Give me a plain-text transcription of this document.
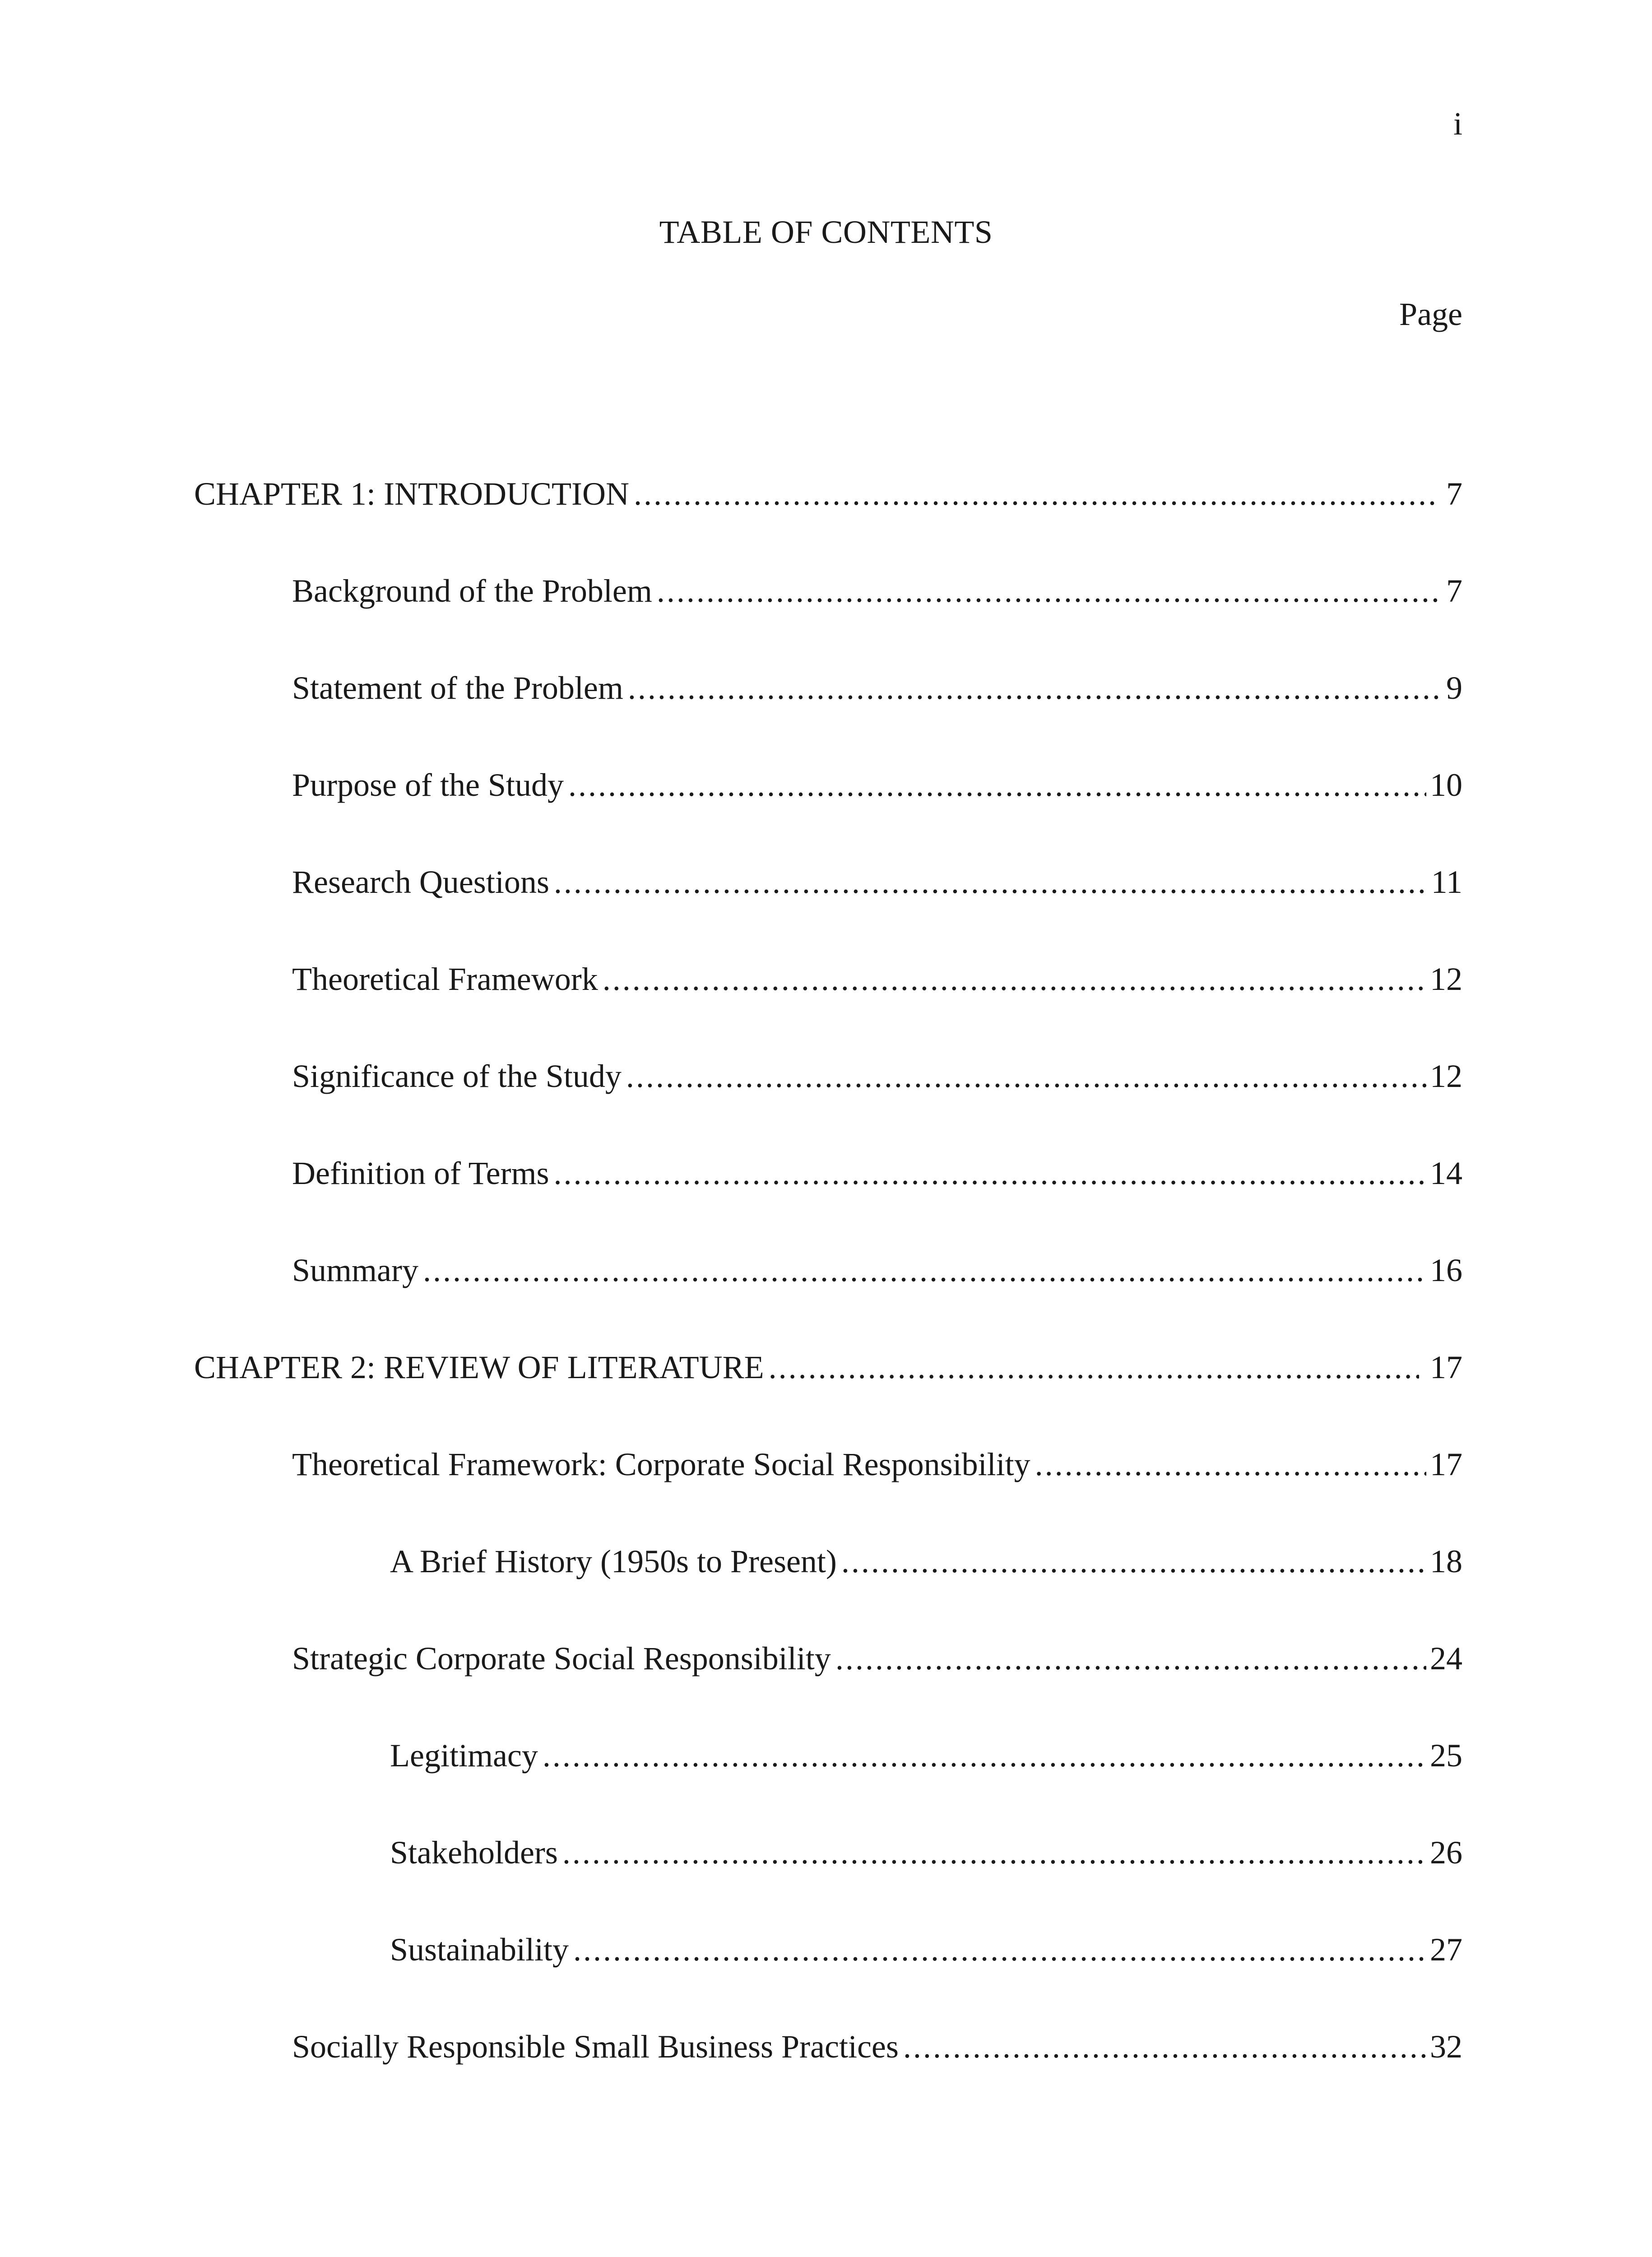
i
TABLE OF CONTENTS
Page
CHAPTER 1: INTRODUCTION .....	7
Background of the Problem .....	7
Statement of the Problem .....	9
Purpose of the Study .....	10
Research Questions .....	11
Theoretical Framework .....	12
Significance of the Study .....	12
Definition of Terms .....	14
Summary .....	16
CHAPTER 2: REVIEW OF LITERATURE .....	17
Theoretical Framework: Corporate Social Responsibility .....	17
A Brief History (1950s to Present) .....	18
Strategic Corporate Social Responsibility .....	24
Legitimacy .....	25
Stakeholders .....	26
Sustainability .....	27
Socially Responsible Small Business Practices .....	32
